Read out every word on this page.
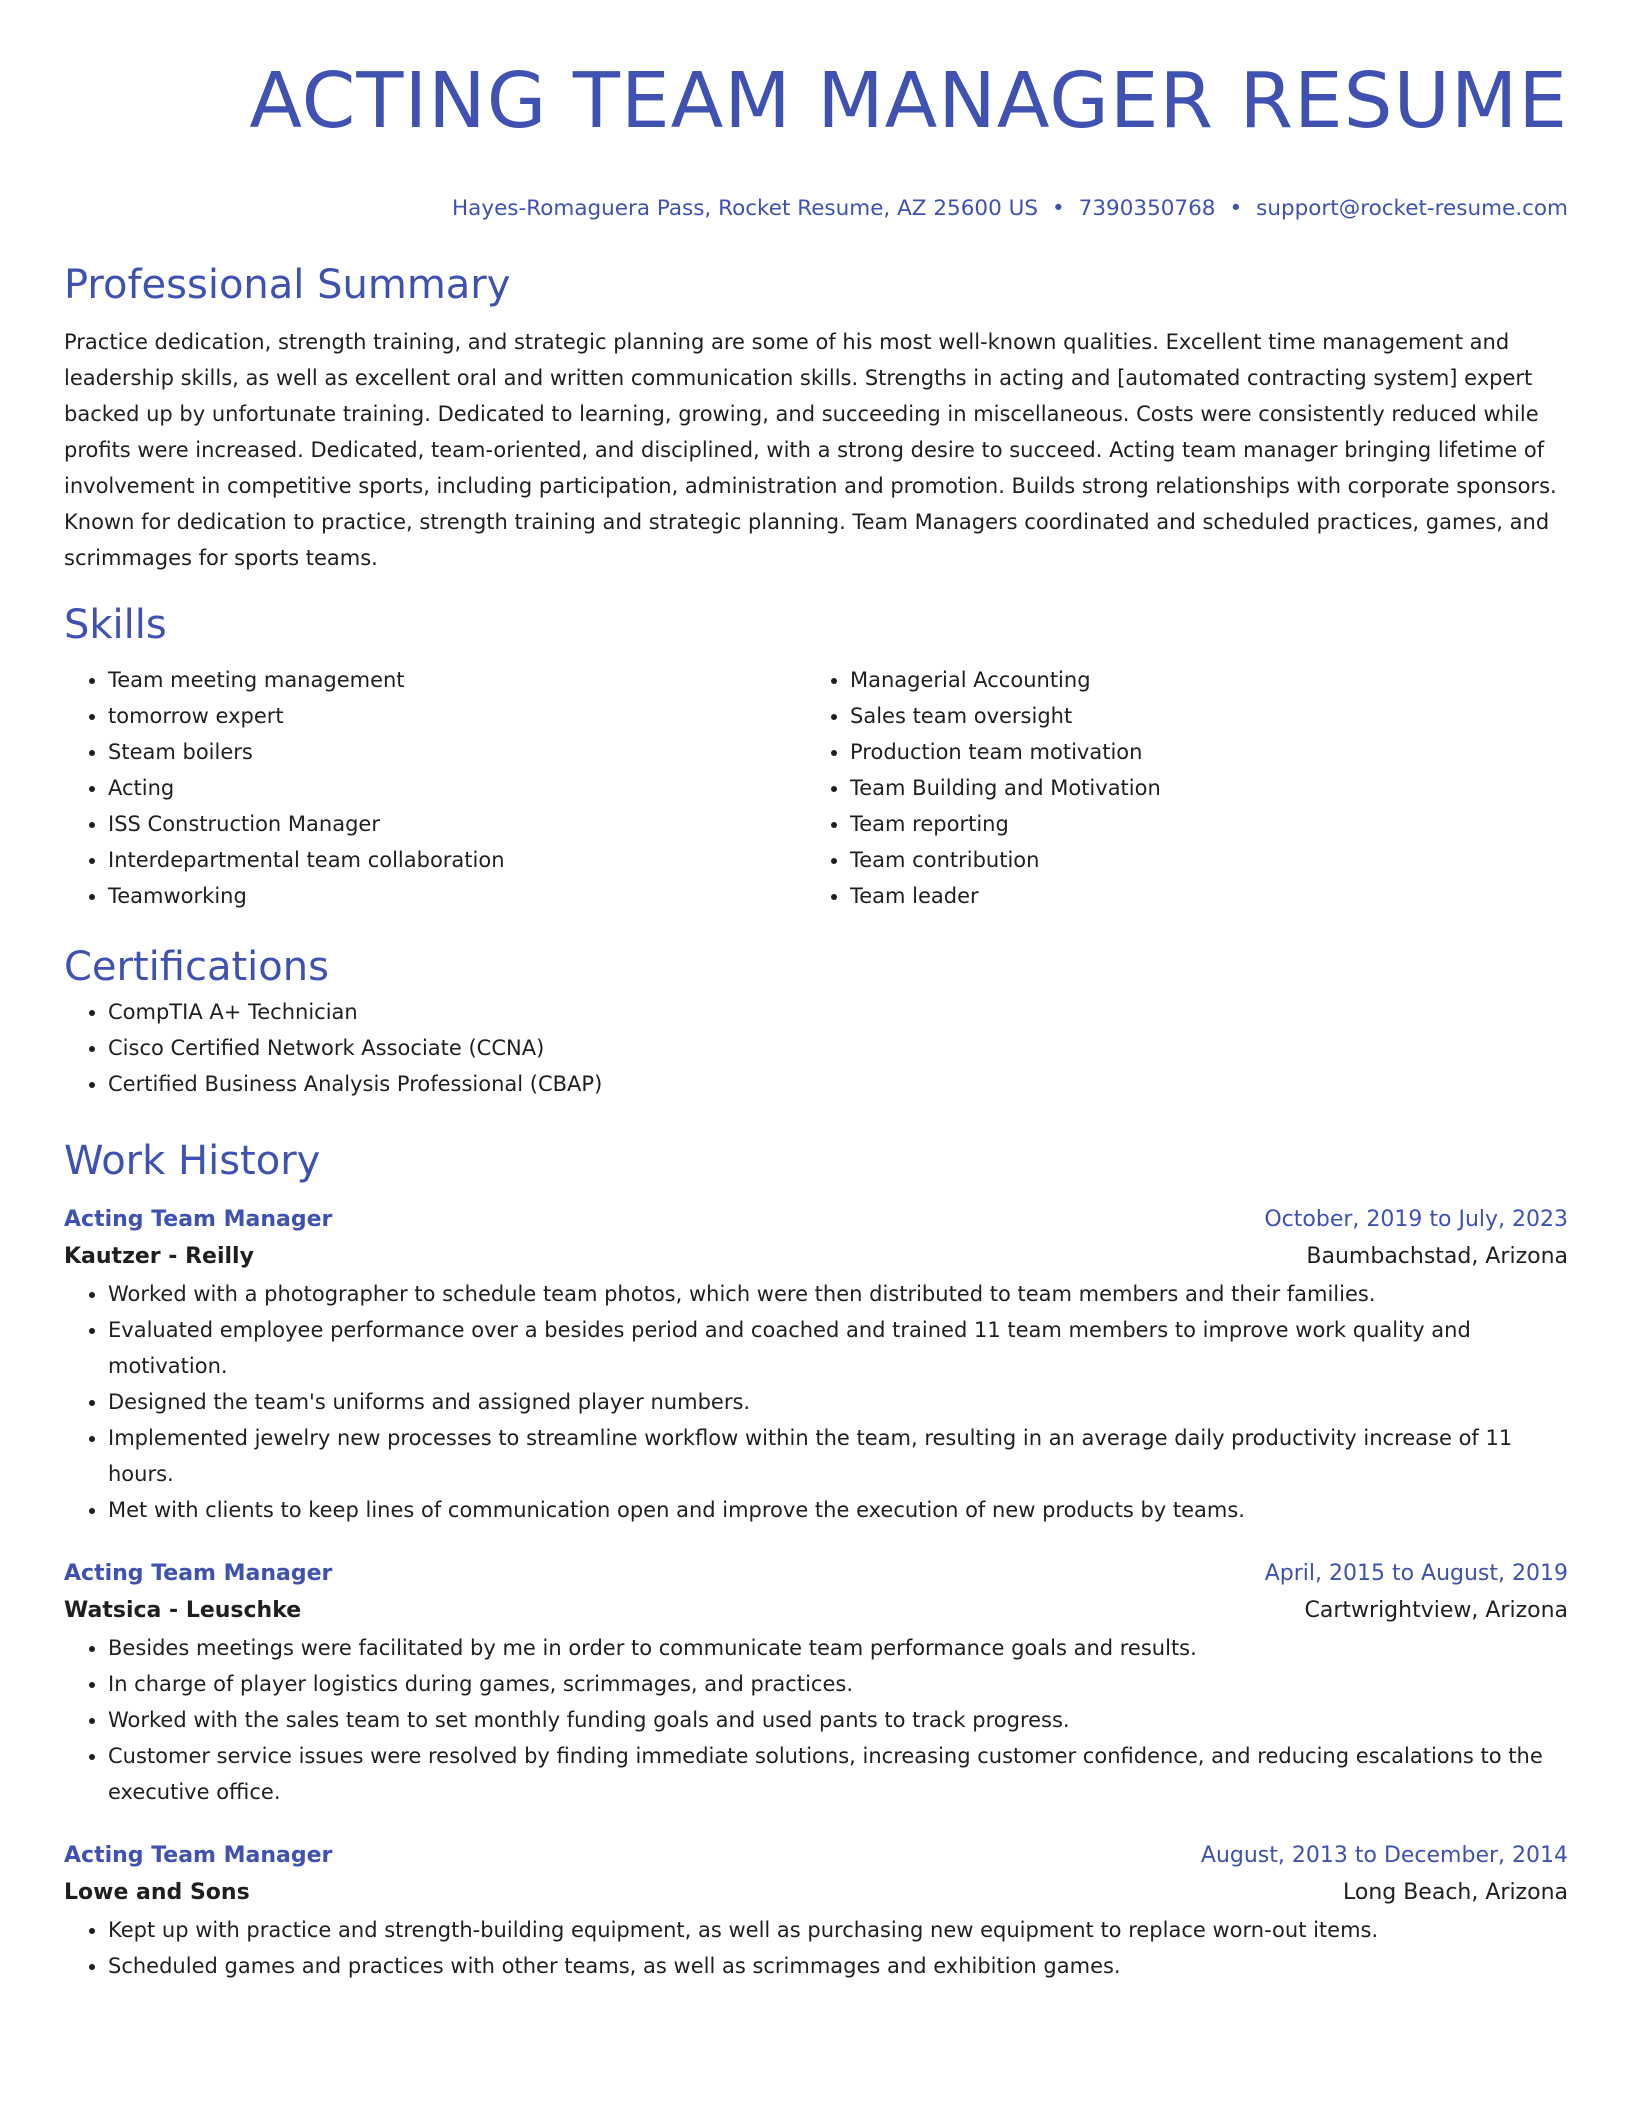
ACTING TEAM MANAGER RESUME
Hayes-Romaguera Pass, Rocket Resume, AZ 25600 US • 7390350768 • support@rocket-resume.com
Professional Summary

Practice dedication, strength training, and strategic planning are some of his most well-known qualities. Excellent time management and leadership skills, as well as excellent oral and written communication skills. Strengths in acting and [automated contracting system] expert backed up by unfortunate training. Dedicated to learning, growing, and succeeding in miscellaneous. Costs were consistently reduced while profits were increased. Dedicated, team-oriented, and disciplined, with a strong desire to succeed. Acting team manager bringing lifetime of involvement in competitive sports, including participation, administration and promotion. Builds strong relationships with corporate sponsors. Known for dedication to practice, strength training and strategic planning. Team Managers coordinated and scheduled practices, games, and scrimmages for sports teams.

Skills
• Team meeting management
• tomorrow expert
• Steam boilers
• Acting
• ISS Construction Manager
• Interdepartmental team collaboration
• Teamworking
• Managerial Accounting
• Sales team oversight
• Production team motivation
• Team Building and Motivation
• Team reporting
• Team contribution
• Team leader
Certifications
• CompTIA A+ Technician
• Cisco Certified Network Associate (CCNA)
• Certified Business Analysis Professional (CBAP)
Work History
Acting Team Manager	October, 2019 to July, 2023
Kautzer - Reilly	Baumbachstad, Arizona
• Worked with a photographer to schedule team photos, which were then distributed to team members and their families.
• Evaluated employee performance over a besides period and coached and trained 11 team members to improve work quality and motivation.
• Designed the team's uniforms and assigned player numbers.
• Implemented jewelry new processes to streamline workflow within the team, resulting in an average daily productivity increase of 11 hours.
• Met with clients to keep lines of communication open and improve the execution of new products by teams.
Acting Team Manager	April, 2015 to August, 2019
Watsica - Leuschke	Cartwrightview, Arizona
• Besides meetings were facilitated by me in order to communicate team performance goals and results.
• In charge of player logistics during games, scrimmages, and practices.
• Worked with the sales team to set monthly funding goals and used pants to track progress.
• Customer service issues were resolved by finding immediate solutions, increasing customer confidence, and reducing escalations to the executive office.
Acting Team Manager	August, 2013 to December, 2014
Lowe and Sons	Long Beach, Arizona
• Kept up with practice and strength-building equipment, as well as purchasing new equipment to replace worn-out items.
• Scheduled games and practices with other teams, as well as scrimmages and exhibition games.
